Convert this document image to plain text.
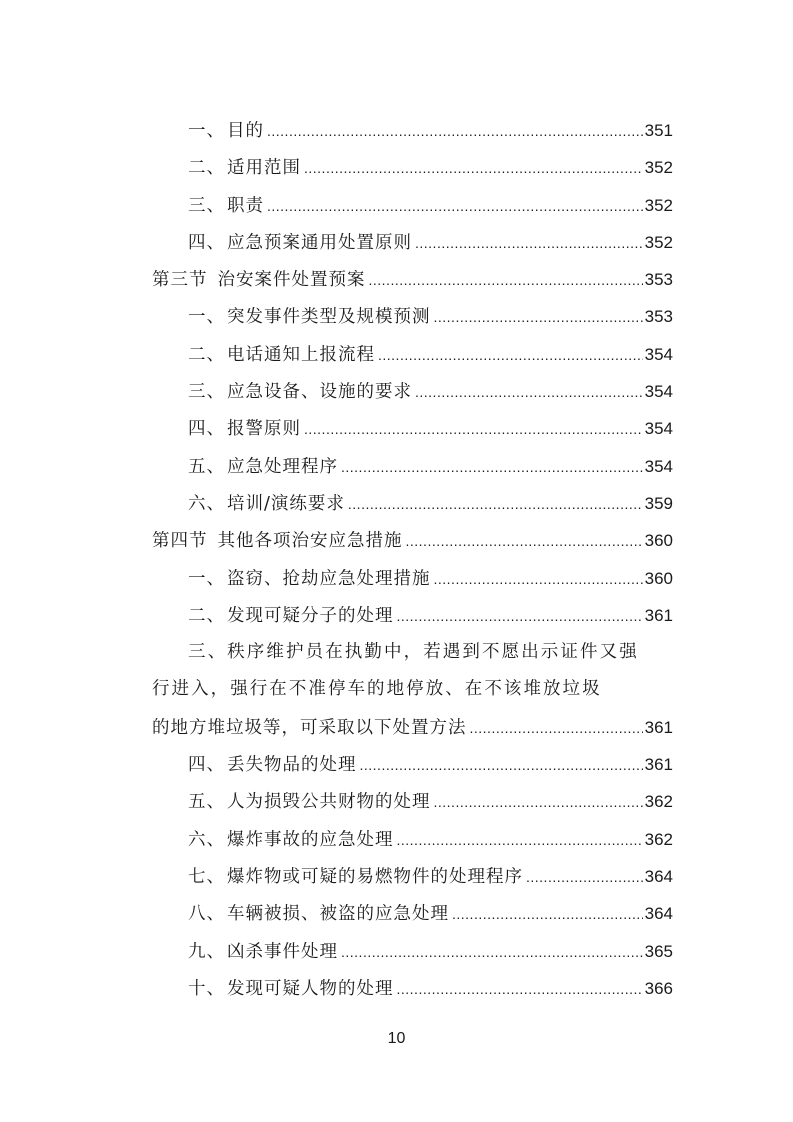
一、 目的 .....	351
二、 适用范围 .....	352
三、 职责 .....	352
四、 应急预案通用处置原则 .....	352
第三节 治安案件处置预案 .....	353
一、 突发事件类型及规模预测 .....	353
二、 电话通知上报流程 .....	354
三、 应急设备、设施的要求 .....	354
四、 报警原则 .....	354
五、 应急处理程序 .....	354
六、 培训/演练要求 .....	359
第四节 其他各项治安应急措施 .....	360
一、 盗窃、抢劫应急处理措施 .....	360
二、 发现可疑分子的处理 .....	361
三、秩序维护员在执勤中，若遇到不愿出示证件又强
行进入，强行在不准停车的地停放、在不该堆放垃圾
的地方堆垃圾等，可采取以下处置方法 .....	361
四、 丢失物品的处理 .....	361
五、 人为损毁公共财物的处理 .....	362
六、 爆炸事故的应急处理 .....	362
七、 爆炸物或可疑的易燃物件的处理程序 .....	364
八、 车辆被损、被盗的应急处理 .....	364
九、 凶杀事件处理 .....	365
十、 发现可疑人物的处理 .....	366
10
